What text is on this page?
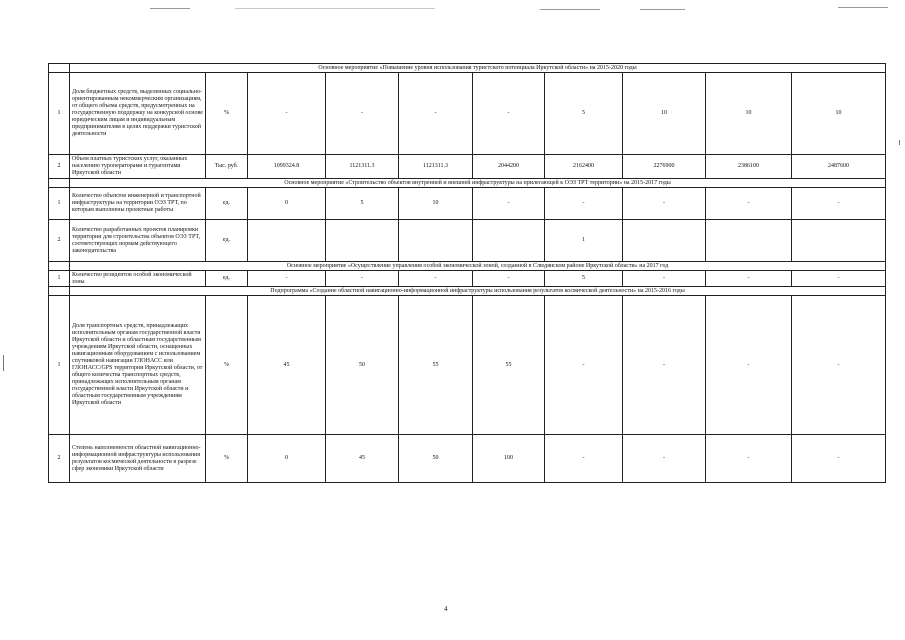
	Основное мероприятие «Повышение уровня использования туристского потенциала Иркутской области» на 2015-2020 годы									
1	Доля бюджетных средств, выделенных социально-ориентированным некоммерческим организациям, от общего объема средств, предусмотренных на государственную поддержку на конкурсной основе юридическим лицам и индивидуальным предпринимателям в целях поддержки туристской деятельности	%	-	-	-	-	5	10	10	10
2	Объем платных туристских услуг, оказанных населению туроператорами и турагентами Иркутской области	Тыс. руб.	1099324.8	1121311.3	1121311.3	2044200	2162400	2276900	2386100	2487600
	Основное мероприятие «Строительство объектов внутренней и внешней инфраструктуры на прилегающей к ОЭЗ ТРТ территории» на 2015-2017 годы									
1	Количество объектов инженерной и транспортной инфраструктуры на территории ОЭЗ ТРТ, по которым выполнены проектные работы	ед.	0	5	10	-	-	-	-	-
2	Количество разработанных проектов планировки территории для строительства объектов ОЭЗ ТРТ, соответствующих нормам действующего законодательства	ед.					1			
	Основное мероприятие «Осуществление управления особой экономической зоной, созданной в Слюдянском районе Иркутской области» на 2017 год									
1	Количество резидентов особой экономической зоны	ед.	-	-	-	-	5	-	-	-
	Подпрограмма «Создание областной навигационно-информационной инфраструктуры использования результатов космической деятельности» на 2015-2016 годы									
1	Доля транспортных средств, принадлежащих исполнительным органам государственной власти Иркутской области и областным государственным учреждениям Иркутской области, оснащенных навигационным оборудованием с использованием спутниковой навигации ГЛОНАСС или ГЛОНАСС/GPS территории Иркутской области, от общего количества транспортных средств, принадлежащих исполнительным органам государственной власти Иркутской области и областным государственным учреждениям Иркутской области	%	45	50	55	55	-	-	-	-
2	Степень наполненности областной навигационно-информационной инфраструктуры использования результатов космической деятельности в разрезе сфер экономики Иркутской области	%	0	45	50	100	-	-	-	-
4
